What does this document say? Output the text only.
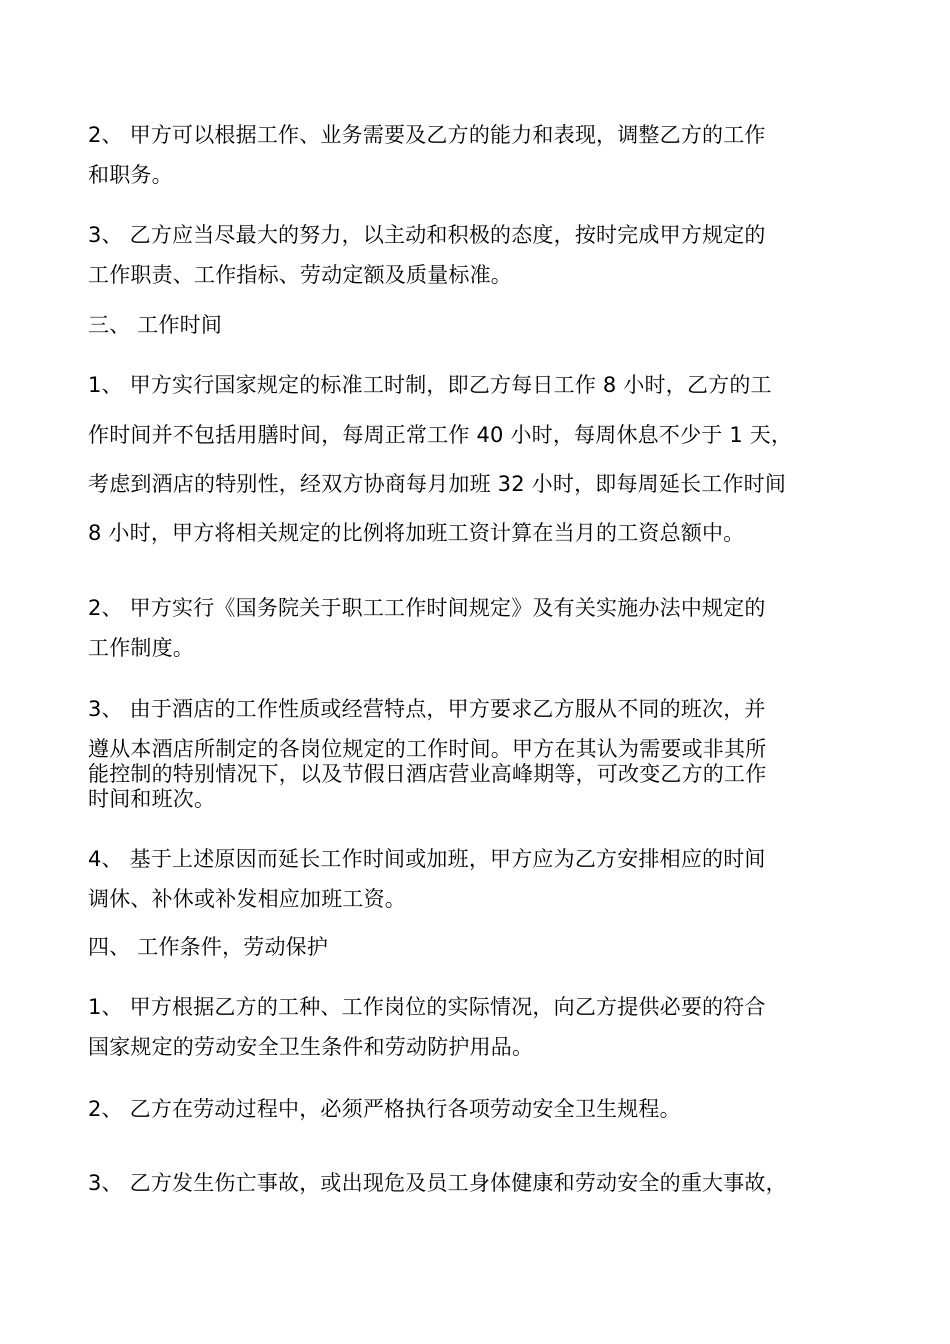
2、 甲方可以根据工作、业务需要及乙方的能力和表现，调整乙方的工作
和职务。
3、 乙方应当尽最大的努力，以主动和积极的态度，按时完成甲方规定的
工作职责、工作指标、劳动定额及质量标准。
三、 工作时间
1、 甲方实行国家规定的标准工时制，即乙方每日工作 8 小时，乙方的工
作时间并不包括用膳时间，每周正常工作 40 小时，每周休息不少于 1 天，
考虑到酒店的特别性，经双方协商每月加班 32 小时，即每周延长工作时间
8 小时，甲方将相关规定的比例将加班工资计算在当月的工资总额中。
2、 甲方实行《国务院关于职工工作时间规定》及有关实施办法中规定的
工作制度。
3、 由于酒店的工作性质或经营特点，甲方要求乙方服从不同的班次，并
遵从本酒店所制定的各岗位规定的工作时间。甲方在其认为需要或非其所
能控制的特别情况下，以及节假日酒店营业高峰期等，可改变乙方的工作
时间和班次。
4、 基于上述原因而延长工作时间或加班，甲方应为乙方安排相应的时间
调休、补休或补发相应加班工资。
四、 工作条件，劳动保护
1、 甲方根据乙方的工种、工作岗位的实际情况，向乙方提供必要的符合
国家规定的劳动安全卫生条件和劳动防护用品。
2、 乙方在劳动过程中，必须严格执行各项劳动安全卫生规程。
3、 乙方发生伤亡事故，或出现危及员工身体健康和劳动安全的重大事故，
